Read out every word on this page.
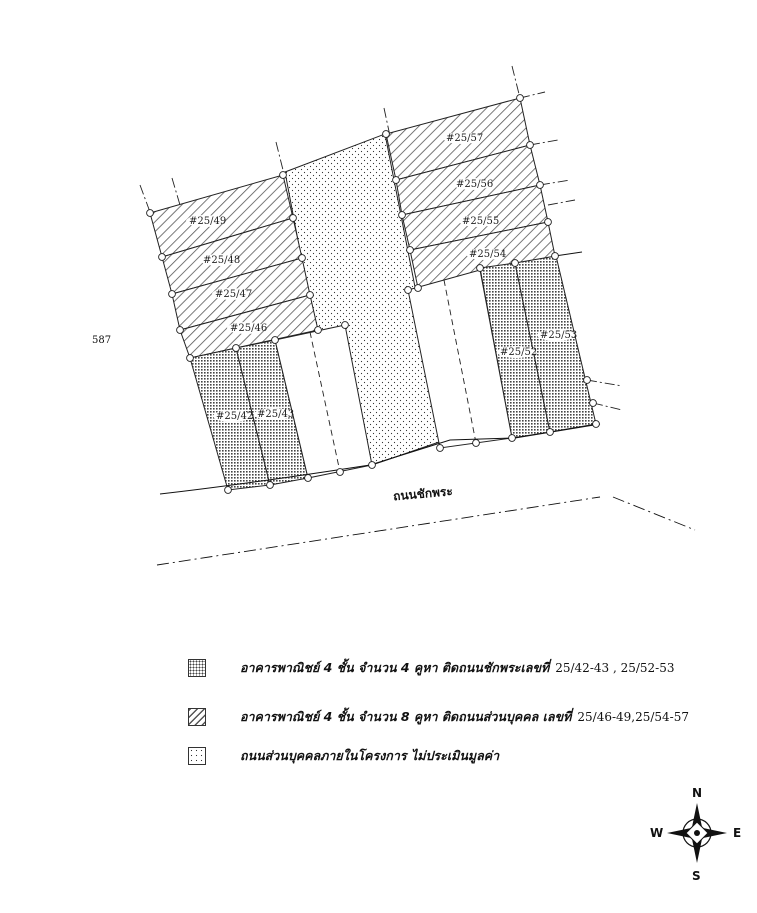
#25/49
#25/48
#25/47
#25/46
#25/42 #25/43
#25/57
#25/56
#25/55
#25/54
#25/52
#25/53
587
ถนนชักพระ
N
S
W	E
อาคารพาณิชย์ 4 ชั้น จำนวน 4 คูหา ติดถนนชักพระเลขที่ 25/42-43 , 25/52-53
อาคารพาณิชย์ 4 ชั้น จำนวน 8 คูหา ติดถนนส่วนบุคคล เลขที่ 25/46-49,25/54-57
ถนนส่วนบุคคลภายในโครงการ ไม่ประเมินมูลค่า
